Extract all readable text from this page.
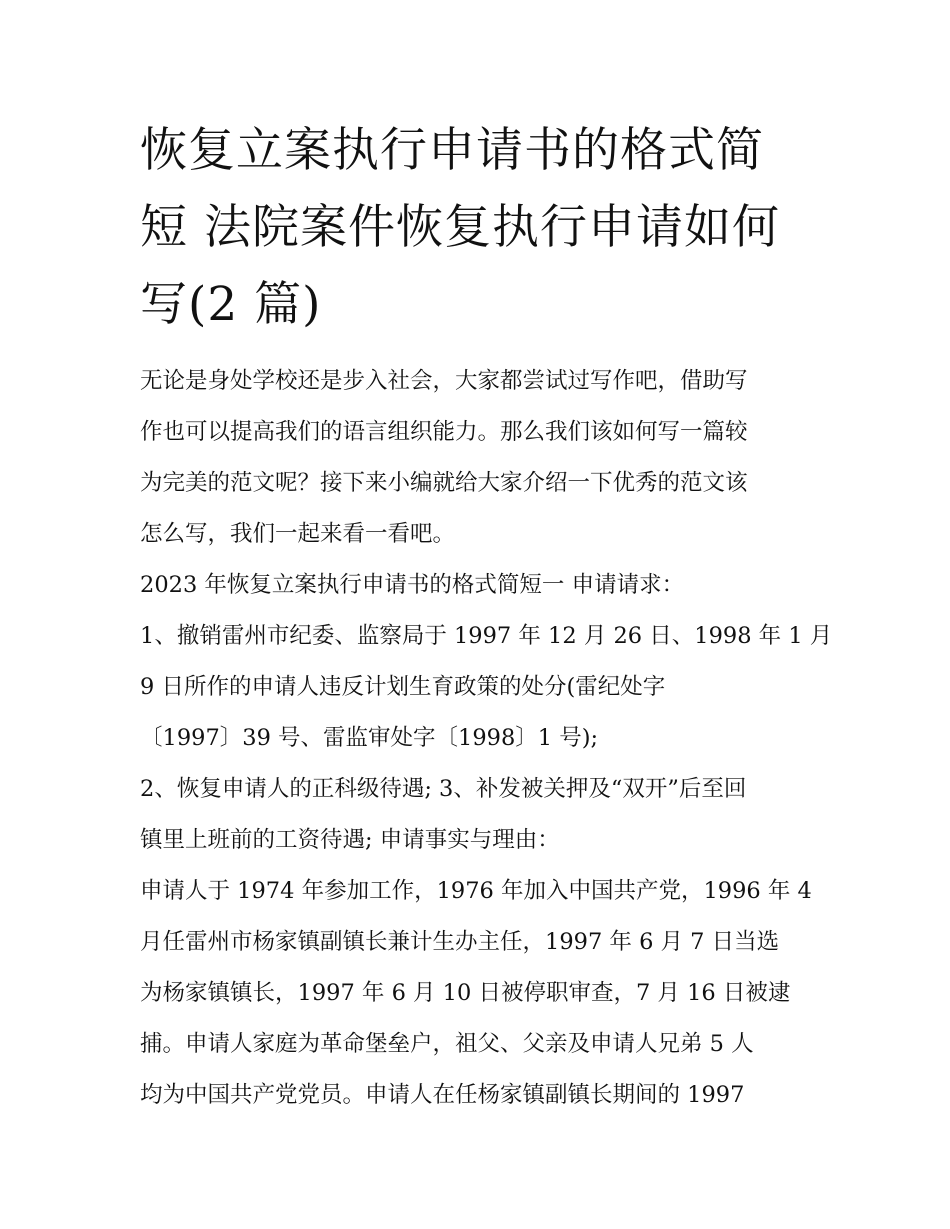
恢复立案执行申请书的格式简
短 法院案件恢复执行申请如何
写(2 篇)
无论是身处学校还是步入社会，大家都尝试过写作吧，借助写
作也可以提高我们的语言组织能力。那么我们该如何写一篇较
为完美的范文呢？接下来小编就给大家介绍一下优秀的范文该
怎么写，我们一起来看一看吧。
2023 年恢复立案执行申请书的格式简短一 申请请求：
1、撤销雷州市纪委、监察局于 1997 年 12 月 26 日、1998 年 1 月
9 日所作的申请人违反计划生育政策的处分(雷纪处字
〔1997〕39 号、雷监审处字〔1998〕1 号);
2、恢复申请人的正科级待遇; 3、补发被关押及“双开”后至回
镇里上班前的工资待遇; 申请事实与理由：
申请人于 1974 年参加工作，1976 年加入中国共产党，1996 年 4
月任雷州市杨家镇副镇长兼计生办主任，1997 年 6 月 7 日当选
为杨家镇镇长，1997 年 6 月 10 日被停职审查，7 月 16 日被逮
捕。申请人家庭为革命堡垒户，祖父、父亲及申请人兄弟 5 人
均为中国共产党党员。申请人在任杨家镇副镇长期间的 1997
